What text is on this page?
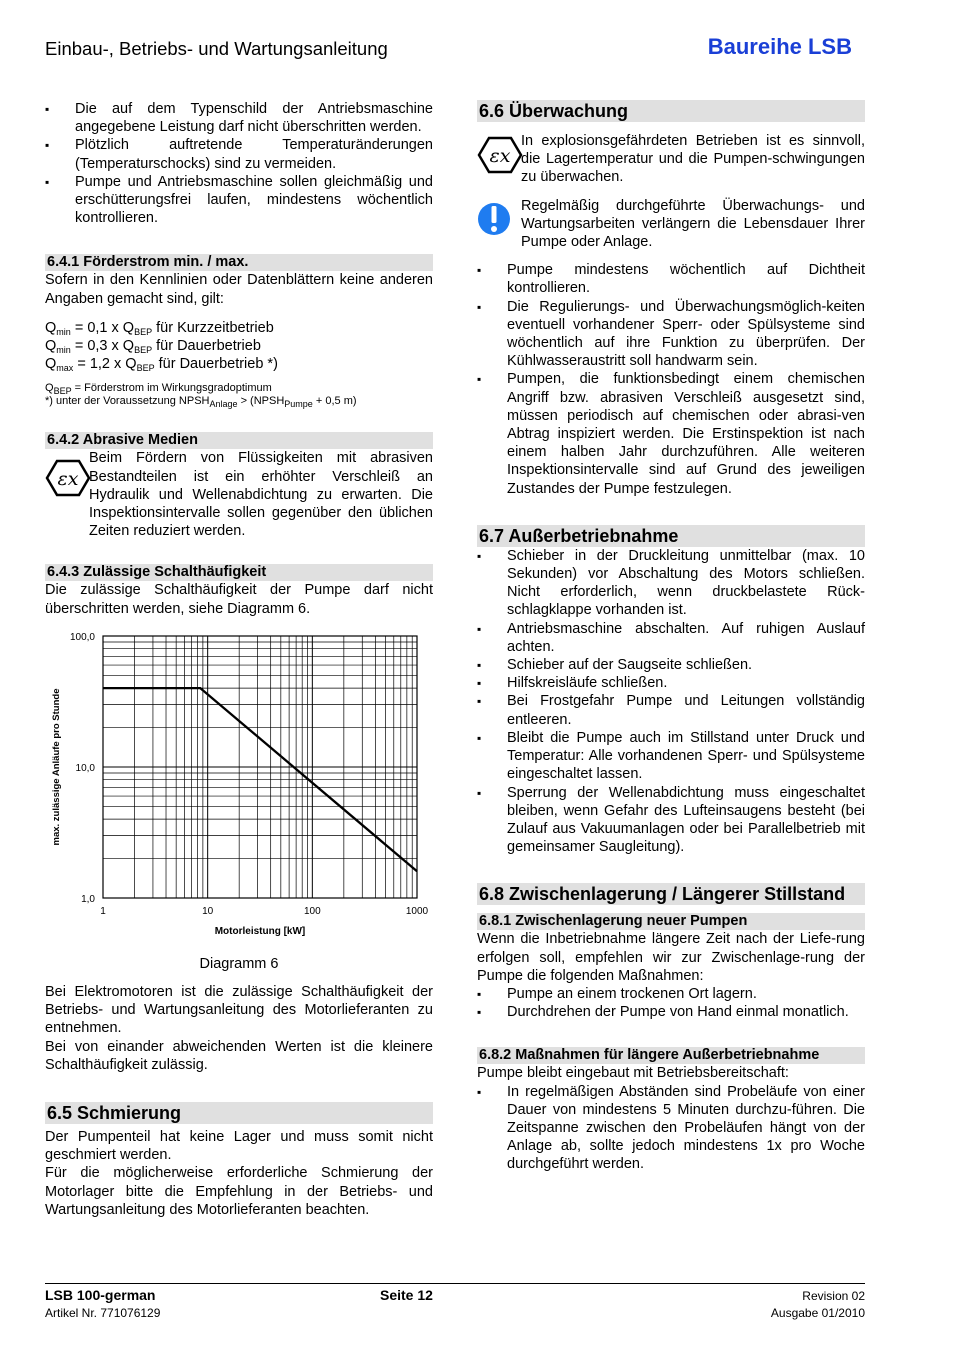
Einbau-, Betriebs- und Wartungsanleitung	Baureihe LSB
▪ Die auf dem Typenschild der Antriebsmaschine angegebene Leistung darf nicht überschritten werden.
▪ Plötzlich auftretende Temperaturänderungen (Temperaturschocks) sind zu vermeiden.
▪ Pumpe und Antriebsmaschine sollen gleichmäßig und erschütterungsfrei laufen, mindestens wöchentlich kontrollieren.
6.4.1 Förderstrom min. / max.
Sofern in den Kennlinien oder Datenblättern keine anderen Angaben gemacht sind, gilt:
$Q_{min} = 0,1$ x $Q_{BEP}$ für Kurzzeitbetrieb
$Q_{min} = 0,3$ x $Q_{BEP}$ für Dauerbetrieb
$Q_{max} = 1,2$ x $Q_{BEP}$ für Dauerbetrieb *)
$Q_{BEP}$ = Förderstrom im Wirkungsgradoptimum
*) unter der Voraussetzung $NPSH_{Anlage}$ > ($NPSH_{Pumpe} + 0,5$ m)
6.4.2 Abrasive Medien
εx
Beim Fördern von Flüssigkeiten mit abrasiven Bestandteilen ist ein erhöhter Verschleiß an Hydraulik und Wellenabdichtung zu erwarten. Die Inspektionsintervalle sollen gegenüber den üblichen Zeiten reduziert werden.
6.4.3 Zulässige Schalthäufigkeit
Die zulässige Schalthäufigkeit der Pumpe darf nicht überschritten werden, siehe Diagramm 6.
1	10	100	1000
1,0
10,0
100,0
Motorleistung [kW]
max. zulässige Anläufe pro Stunde
Diagramm 6
Bei Elektromotoren ist die zulässige Schalthäufigkeit der Betriebs- und Wartungsanleitung des Motorlieferanten zu entnehmen.
Bei von einander abweichenden Werten ist die kleinere Schalthäufigkeit zulässig.
6.5 Schmierung
Der Pumpenteil hat keine Lager und muss somit nicht geschmiert werden.
Für die möglicherweise erforderliche Schmierung der Motorlager bitte die Empfehlung in der Betriebs- und Wartungsanleitung des Motorlieferanten beachten.
6.6 Überwachung
εx
In explosionsgefährdeten Betrieben ist es sinnvoll, die Lagertemperatur und die Pumpen-schwingungen zu überwachen.
Regelmäßig durchgeführte Überwachungs- und Wartungsarbeiten verlängern die Lebensdauer Ihrer Pumpe oder Anlage.
▪ Pumpe mindestens wöchentlich auf Dichtheit kontrollieren.
▪ Die Regulierungs- und Überwachungsmöglich-keiten eventuell vorhandener Sperr- oder Spülsysteme sind wöchentlich auf ihre Funktion zu überprüfen. Der Kühlwasseraustritt soll handwarm sein.
▪ Pumpen, die funktionsbedingt einem chemischen Angriff bzw. abrasiven Verschleiß ausgesetzt sind, müssen periodisch auf chemischen oder abrasi-ven Abtrag inspiziert werden. Die Erstinspektion ist nach einem halben Jahr durchzuführen. Alle weiteren Inspektionsintervalle sind auf Grund des jeweiligen Zustandes der Pumpe festzulegen.
6.7 Außerbetriebnahme
▪ Schieber in der Druckleitung unmittelbar (max. 10 Sekunden) vor Abschaltung des Motors schließen. Nicht erforderlich, wenn druckbelastete Rück-schlagklappe vorhanden ist.
▪ Antriebsmaschine abschalten. Auf ruhigen Auslauf achten.
▪ Schieber auf der Saugseite schließen.
▪ Hilfskreisläufe schließen.
▪ Bei Frostgefahr Pumpe und Leitungen vollständig entleeren.
▪ Bleibt die Pumpe auch im Stillstand unter Druck und Temperatur: Alle vorhandenen Sperr- und Spülsysteme eingeschaltet lassen.
▪ Sperrung der Wellenabdichtung muss eingeschaltet bleiben, wenn Gefahr des Lufteinsaugens besteht (bei Zulauf aus Vakuumanlagen oder bei Parallelbetrieb mit gemeinsamer Saugleitung).
6.8 Zwischenlagerung / Längerer Stillstand
6.8.1 Zwischenlagerung neuer Pumpen
Wenn die Inbetriebnahme längere Zeit nach der Liefe-rung erfolgen soll, empfehlen wir zur Zwischenlage-rung der Pumpe die folgenden Maßnahmen:
▪ Pumpe an einem trockenen Ort lagern.
▪ Durchdrehen der Pumpe von Hand einmal monatlich.
6.8.2 Maßnahmen für längere Außerbetriebnahme
Pumpe bleibt eingebaut mit Betriebsbereitschaft:
▪ In regelmäßigen Abständen sind Probeläufe von einer Dauer von mindestens 5 Minuten durchzu-führen. Die Zeitspanne zwischen den Probeläufen hängt von der Anlage ab, sollte jedoch mindestens 1x pro Woche durchgeführt werden.
LSB 100-german	Seite 12	Revision 02
Artikel Nr. 771076129	Ausgabe 01/2010
